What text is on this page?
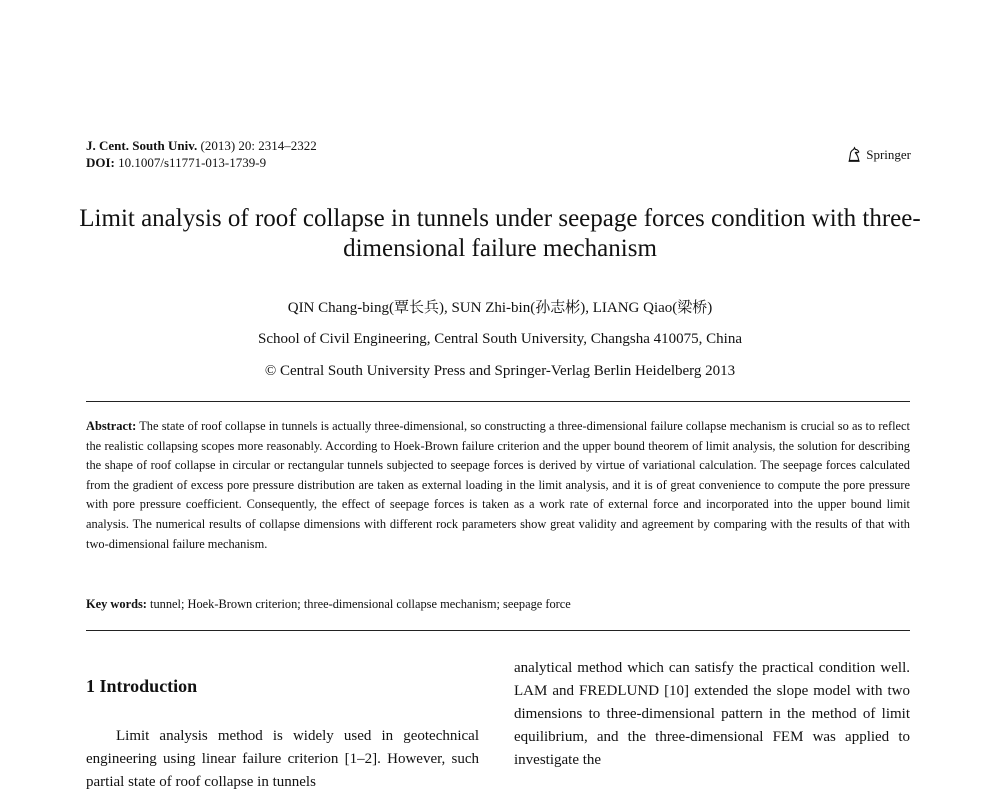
J. Cent. South Univ. (2013) 20: 2314–2322
DOI: 10.1007/s11771-013-1739-9
Springer
Limit analysis of roof collapse in tunnels under seepage forces condition with three-dimensional failure mechanism
QIN Chang-bing(覃长兵), SUN Zhi-bin(孙志彬), LIANG Qiao(梁桥)
School of Civil Engineering, Central South University, Changsha 410075, China
© Central South University Press and Springer-Verlag Berlin Heidelberg 2013
Abstract: The state of roof collapse in tunnels is actually three-dimensional, so constructing a three-dimensional failure collapse mechanism is crucial so as to reflect the realistic collapsing scopes more reasonably. According to Hoek-Brown failure criterion and the upper bound theorem of limit analysis, the solution for describing the shape of roof collapse in circular or rectangular tunnels subjected to seepage forces is derived by virtue of variational calculation. The seepage forces calculated from the gradient of excess pore pressure distribution are taken as external loading in the limit analysis, and it is of great convenience to compute the pore pressure with pore pressure coefficient. Consequently, the effect of seepage forces is taken as a work rate of external force and incorporated into the upper bound limit analysis. The numerical results of collapse dimensions with different rock parameters show great validity and agreement by comparing with the results of that with two-dimensional failure mechanism.
Key words: tunnel; Hoek-Brown criterion; three-dimensional collapse mechanism; seepage force
1 Introduction
Limit analysis method is widely used in geotechnical engineering using linear failure criterion [1–2]. However, such partial state of roof collapse in tunnels
analytical method which can satisfy the practical condition well. LAM and FREDLUND [10] extended the slope model with two dimensions to three-dimensional pattern in the method of limit equilibrium, and the three-dimensional FEM was applied to investigate the
